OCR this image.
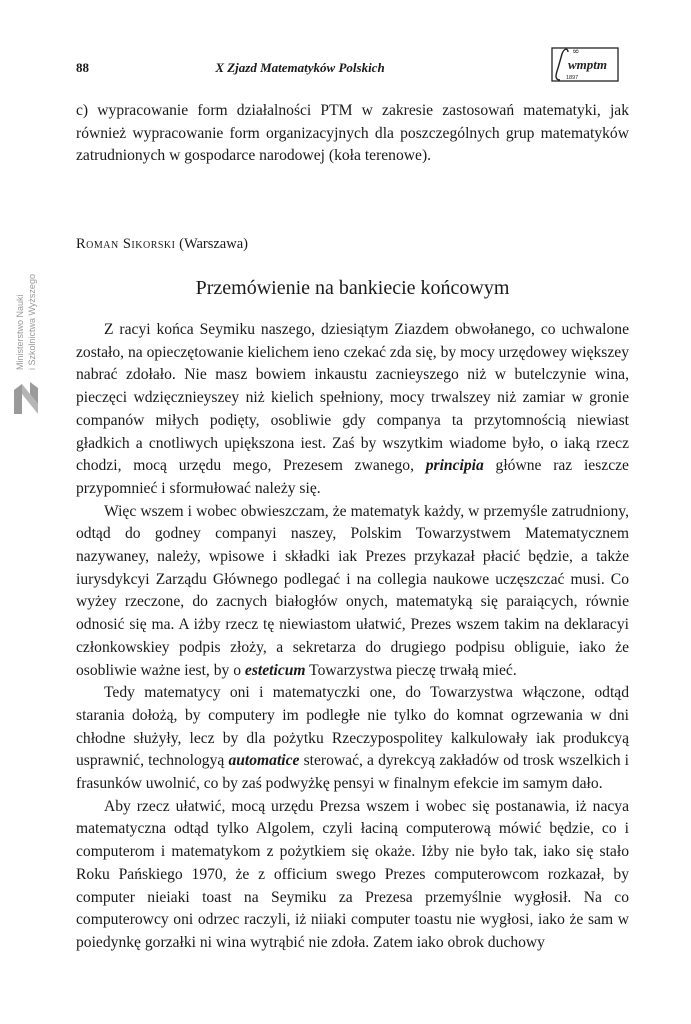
88	X Zjazd Matematyków Polskich
∞
wmptm
1897
Ministerstwo Nauki i Szkolnictwa Wyższego

c) wypracowanie form działalności PTM w zakresie zastosowań matematyki, jak również wypracowanie form organizacyjnych dla poszczególnych grup matematyków zatrudnionych w gospodarce narodowej (koła terenowe).

Roman Sikorski (Warszawa)
Przemówienie na bankiecie końcowym

Z racyi końca Seymiku naszego, dziesiątym Ziazdem obwołanego, co uchwalone zostało, na opieczętowanie kielichem ieno czekać zda się, by mocy urzędowey większey nabrać zdołało. Nie masz bowiem inkaustu zacnieyszego niż w butelczynie wina, pieczęci wdzięcznieyszey niż kielich spełniony, mocy trwalszey niż zamiar w gronie companów miłych podięty, osobliwie gdy companya ta przytomnością niewiast gładkich a cnotliwych upiększona iest. Zaś by wszytkim wiadome było, o iaką rzecz chodzi, mocą urzędu mego, Prezesem zwanego, principia główne raz ieszcze przypomnieć i sformułować należy się.

Więc wszem i wobec obwieszczam, że matematyk każdy, w przemyśle zatrudniony, odtąd do godney companyi naszey, Polskim Towarzystwem Matematycznem nazywaney, należy, wpisowe i składki iak Prezes przykazał płacić będzie, a także iurysdykcyi Zarządu Głównego podlegać i na collegia naukowe uczęszczać musi. Co wyżey rzeczone, do zacnych białogłów onych, matematyką się paraiących, równie odnosić się ma. A iżby rzecz tę niewiastom ułatwić, Prezes wszem takim na deklaracyi członkowskiey podpis złoży, a sekretarza do drugiego podpisu obliguie, iako że osobliwie ważne iest, by o esteticum Towarzystwa pieczę trwałą mieć.

Tedy matematycy oni i matematyczki one, do Towarzystwa włączone, odtąd starania dołożą, by computery im podległe nie tylko do komnat ogrzewania w dni chłodne służyły, lecz by dla pożytku Rzeczypospolitey kalkulowały iak produkcyą usprawnić, technologyą automatice sterować, a dyrekcyą zakładów od trosk wszelkich i frasunków uwolnić, co by zaś podwyżkę pensyi w finalnym efekcie im samym dało.

Aby rzecz ułatwić, mocą urzędu Prezsa wszem i wobec się postanawia, iż nacya matematyczna odtąd tylko Algolem, czyli łaciną computerową mówić będzie, co i computerom i matematykom z pożytkiem się okaże. Iżby nie było tak, iako się stało Roku Pańskiego 1970, że z officium swego Prezes computerowcom rozkazał, by computer nieiaki toast na Seymiku za Prezesa przemyślnie wygłosił. Na co computerowcy oni odrzec raczyli, iż niiaki computer toastu nie wygłosi, iako że sam w poiedynkę gorzałki ni wina wytrąbić nie zdoła. Zatem iako obrok duchowy
